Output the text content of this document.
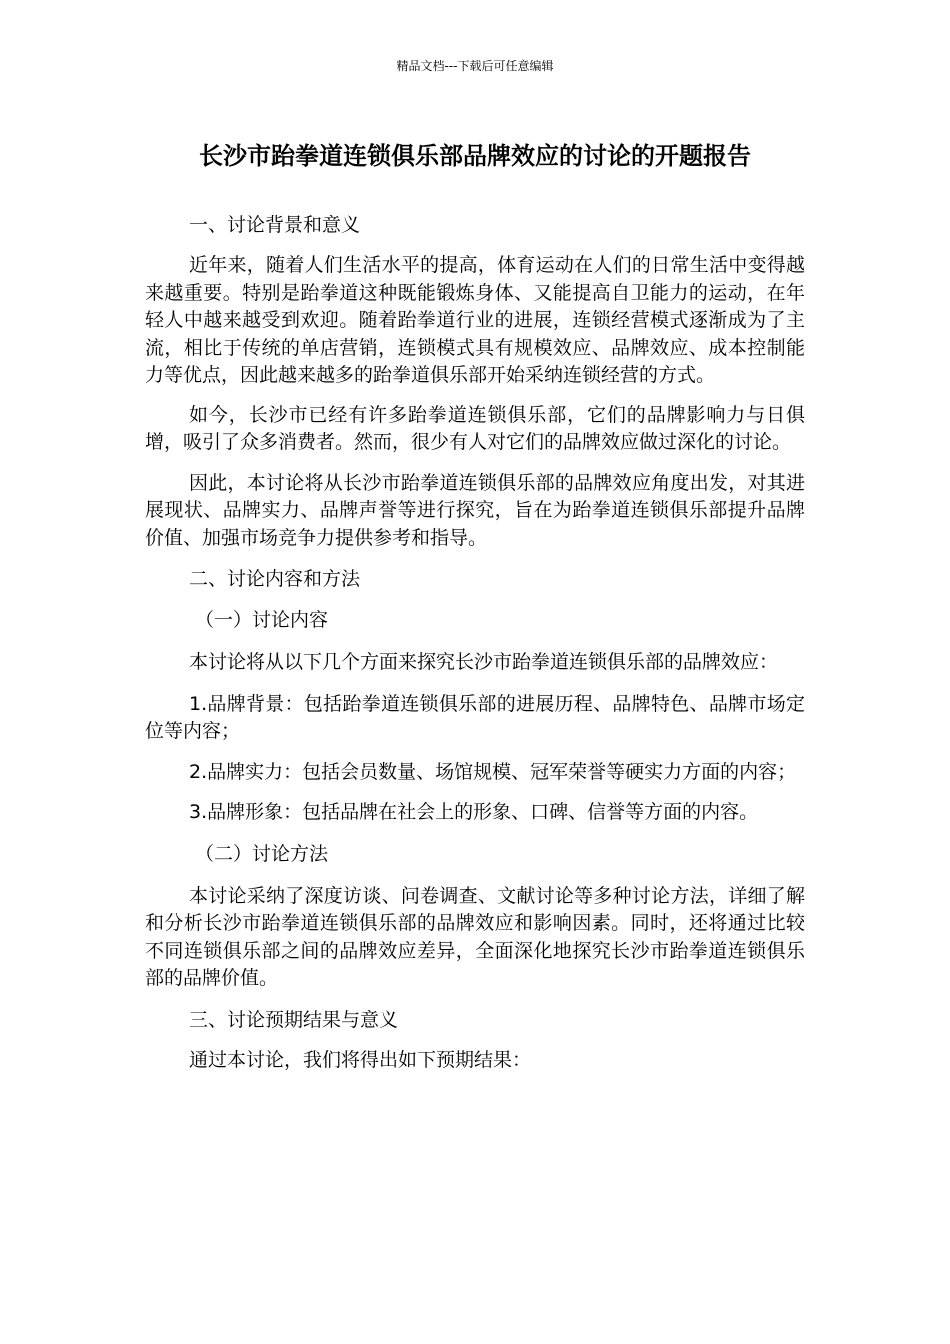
精品文档---下载后可任意编辑
长沙市跆拳道连锁俱乐部品牌效应的讨论的开题报告

一、讨论背景和意义

近年来，随着人们生活水平的提高，体育运动在人们的日常生活中变得越来越重要。特别是跆拳道这种既能锻炼身体、又能提高自卫能力的运动，在年轻人中越来越受到欢迎。随着跆拳道行业的进展，连锁经营模式逐渐成为了主流，相比于传统的单店营销，连锁模式具有规模效应、品牌效应、成本控制能力等优点，因此越来越多的跆拳道俱乐部开始采纳连锁经营的方式。

如今，长沙市已经有许多跆拳道连锁俱乐部，它们的品牌影响力与日俱增，吸引了众多消费者。然而，很少有人对它们的品牌效应做过深化的讨论。

因此，本讨论将从长沙市跆拳道连锁俱乐部的品牌效应角度出发，对其进展现状、品牌实力、品牌声誉等进行探究，旨在为跆拳道连锁俱乐部提升品牌价值、加强市场竞争力提供参考和指导。

二、讨论内容和方法

（一）讨论内容

本讨论将从以下几个方面来探究长沙市跆拳道连锁俱乐部的品牌效应：

1.品牌背景：包括跆拳道连锁俱乐部的进展历程、品牌特色、品牌市场定位等内容；

2.品牌实力：包括会员数量、场馆规模、冠军荣誉等硬实力方面的内容；

3.品牌形象：包括品牌在社会上的形象、口碑、信誉等方面的内容。

（二）讨论方法

本讨论采纳了深度访谈、问卷调查、文献讨论等多种讨论方法，详细了解和分析长沙市跆拳道连锁俱乐部的品牌效应和影响因素。同时，还将通过比较不同连锁俱乐部之间的品牌效应差异，全面深化地探究长沙市跆拳道连锁俱乐部的品牌价值。

三、讨论预期结果与意义

通过本讨论，我们将得出如下预期结果：
